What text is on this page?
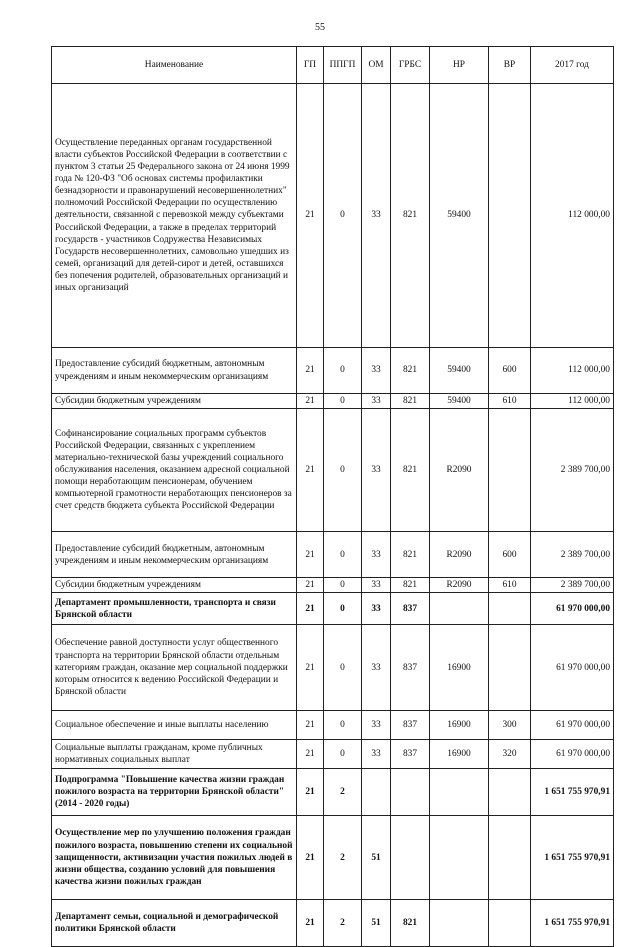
55
Наименование	ГП	ППГП	ОМ	ГРБС	НР	ВР	2017 год
Осуществление переданных органам государственной власти субъектов Российской Федерации в соответствии с пунктом 3 статьи 25 Федерального закона от 24 июня 1999 года № 120-ФЗ "Об основах системы профилактики безнадзорности и правонарушений несовершеннолетних" полномочий Российской Федерации по осуществлению деятельности, связанной с перевозкой между субъектами Российской Федерации, а также в пределах территорий государств - участников Содружества Независимых Государств несовершеннолетних, самовольно ушедших из семей, организаций для детей-сирот и детей, оставшихся без попечения родителей, образовательных организаций и иных организаций	21	0	33	821	59400		112 000,00
Предоставление субсидий бюджетным, автономным учреждениям и иным некоммерческим организациям	21	0	33	821	59400	600	112 000,00
Субсидии бюджетным учреждениям	21	0	33	821	59400	610	112 000,00
Софинансирование социальных программ субъектов Российской Федерации, связанных с укреплением материально-технической базы учреждений социального обслуживания населения, оказанием адресной социальной помощи неработающим пенсионерам, обучением компьютерной грамотности неработающих пенсионеров за счет средств бюджета субъекта Российской Федерации	21	0	33	821	R2090		2 389 700,00
Предоставление субсидий бюджетным, автономным учреждениям и иным некоммерческим организациям	21	0	33	821	R2090	600	2 389 700,00
Субсидии бюджетным учреждениям	21	0	33	821	R2090	610	2 389 700,00
Департамент промышленности, транспорта и связи Брянской области	21	0	33	837			61 970 000,00
Обеспечение равной доступности услуг общественного транспорта на территории Брянской области отдельным категориям граждан, оказание мер социальной поддержки которым относится к ведению Российской Федерации и Брянской области	21	0	33	837	16900		61 970 000,00
Социальное обеспечение и иные выплаты населению	21	0	33	837	16900	300	61 970 000,00
Социальные выплаты гражданам, кроме публичных нормативных социальных выплат	21	0	33	837	16900	320	61 970 000,00
Подпрограмма "Повышение качества жизни граждан пожилого возраста на территории Брянской области" (2014 - 2020 годы)	21	2					1 651 755 970,91
Осуществление мер по улучшению положения граждан пожилого возраста, повышению степени их социальной защищенности, активизации участия пожилых людей в жизни общества, созданию условий для повышения качества жизни пожилых граждан	21	2	51				1 651 755 970,91
Департамент семьи, социальной и демографической политики Брянской области	21	2	51	821			1 651 755 970,91
